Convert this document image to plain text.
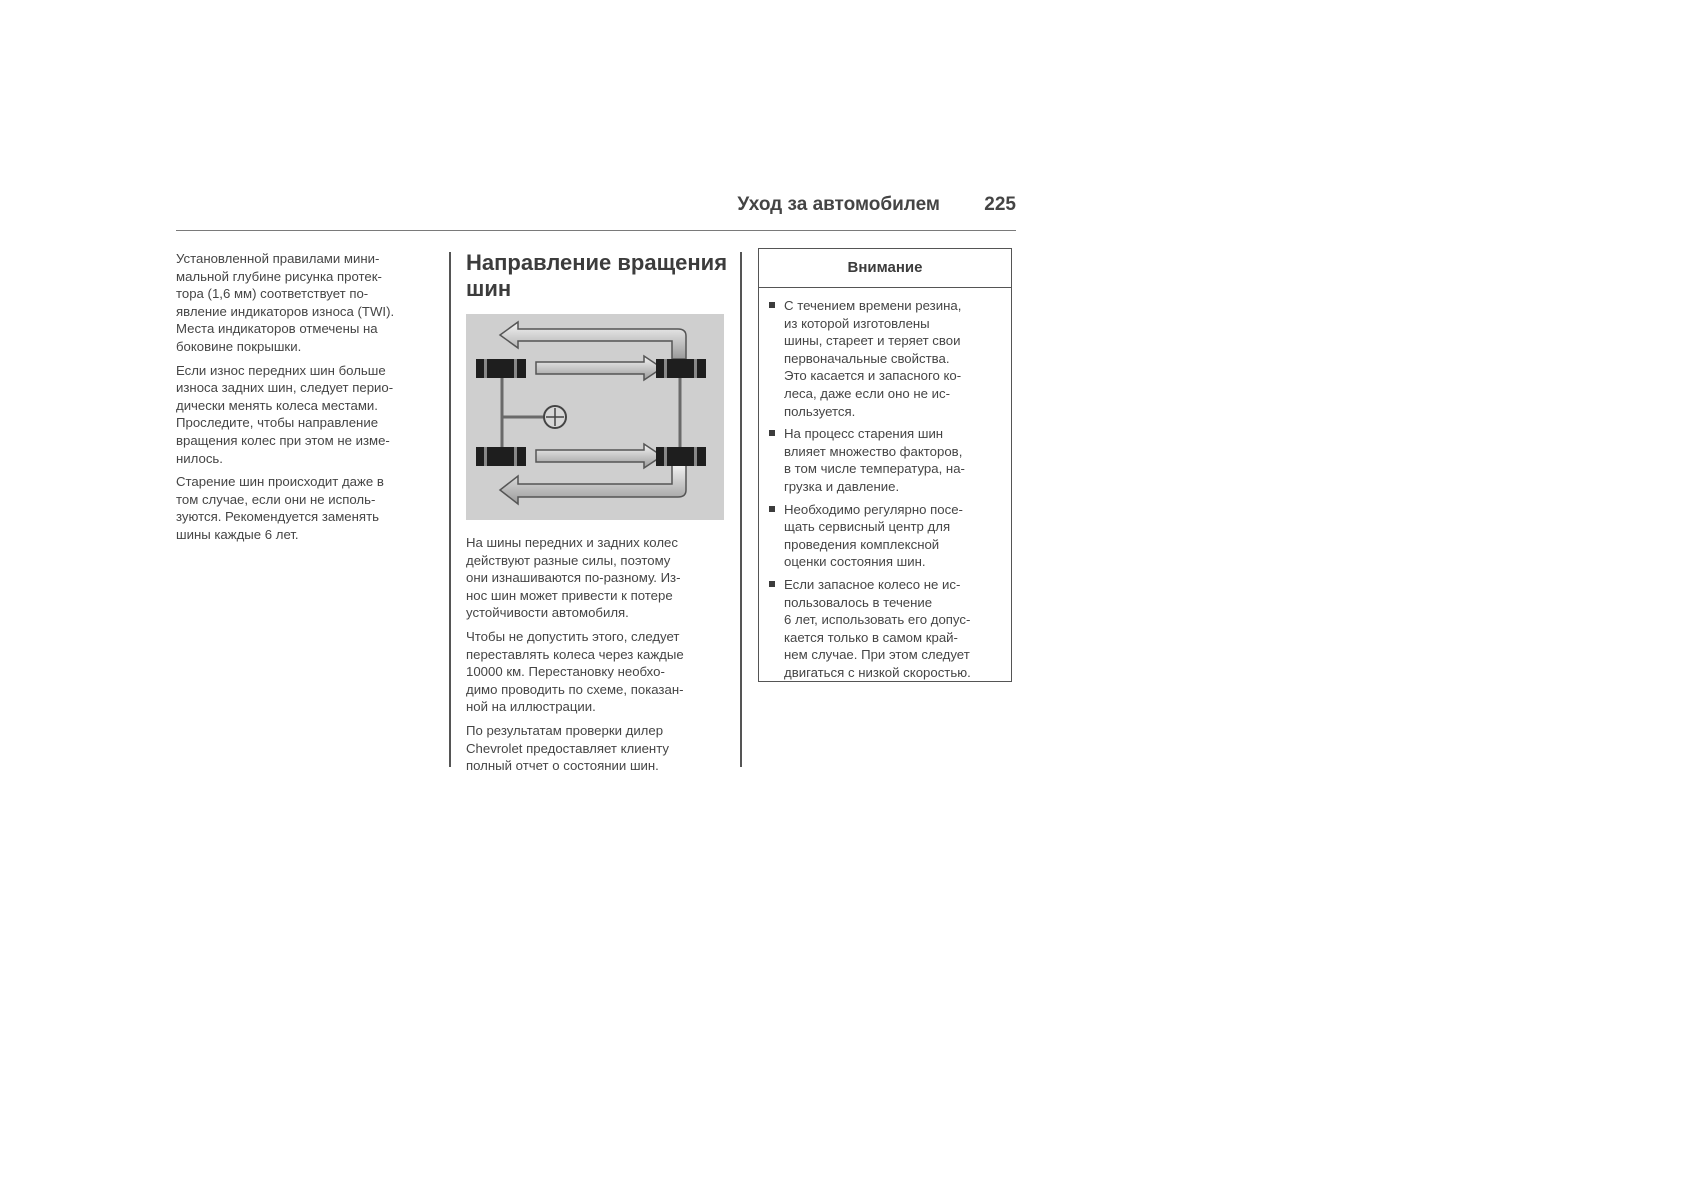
Уход за автомобилем 225

Установленной правилами мини-
мальной глубине рисунка протек-
тора (1,6 мм) соответствует по-
явление индикаторов износа (TWI).
Места индикаторов отмечены на
боковине покрышки.

Если износ передних шин больше
износа задних шин, следует перио-
дически менять колеса местами.
Проследите, чтобы направление
вращения колес при этом не изме-
нилось.

Старение шин происходит даже в
том случае, если они не исполь-
зуются. Рекомендуется заменять
шины каждые 6 лет.

Направление вращения
шин

На шины передних и задних колес
действуют разные силы, поэтому
они изнашиваются по-разному. Из-
нос шин может привести к потере
устойчивости автомобиля.

Чтобы не допустить этого, следует
переставлять колеса через каждые
10000 км. Перестановку необхо-
димо проводить по схеме, показан-
ной на иллюстрации.

По результатам проверки дилер
Chevrolet предоставляет клиенту
полный отчет о состоянии шин.

Внимание
С течением времени резина,
из которой изготовлены
шины, стареет и теряет свои
первоначальные свойства.
Это касается и запасного ко-
леса, даже если оно не ис-
пользуется.
На процесс старения шин
влияет множество факторов,
в том числе температура, на-
грузка и давление.
Необходимо регулярно посе-
щать сервисный центр для
проведения комплексной
оценки состояния шин.
Если запасное колесо не ис-
пользовалось в течение
6 лет, использовать его допус-
кается только в самом край-
нем случае. При этом следует
двигаться с низкой скоростью.
